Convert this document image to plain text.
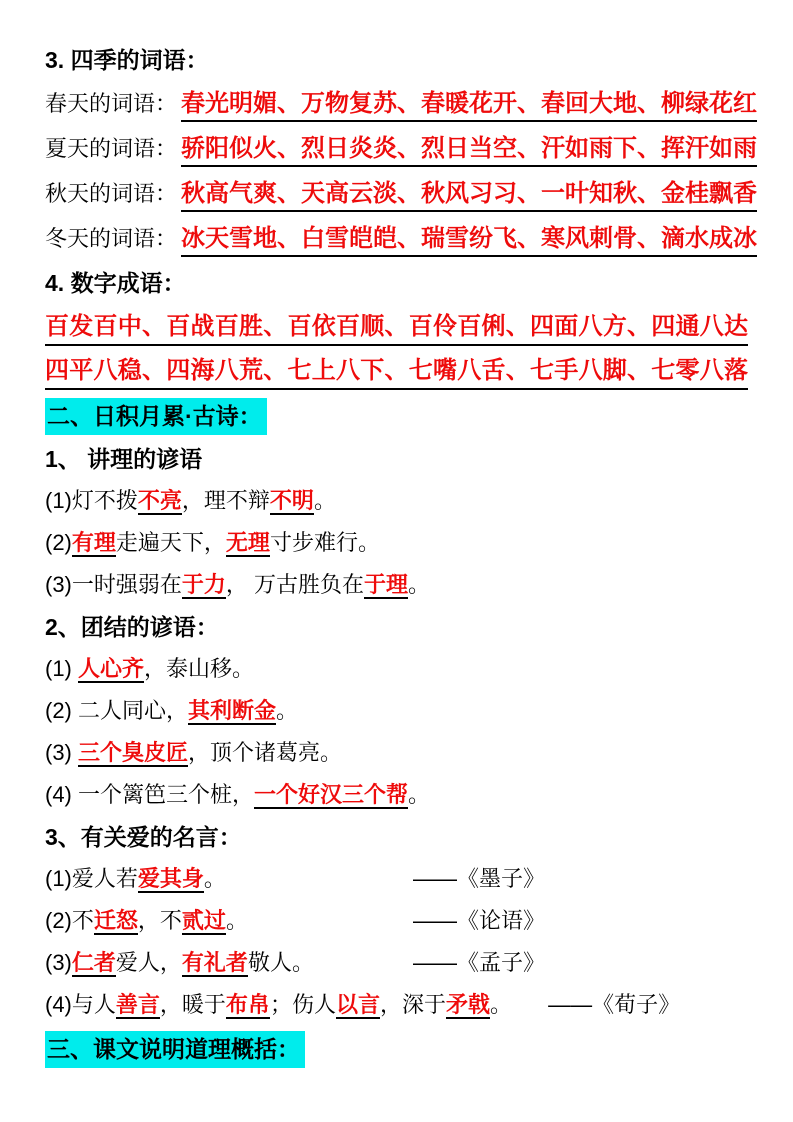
3. 四季的词语：
春天的词语： 春光明媚、万物复苏、春暖花开、春回大地、柳绿花红
夏天的词语： 骄阳似火、烈日炎炎、烈日当空、汗如雨下、挥汗如雨
秋天的词语： 秋高气爽、天高云淡、秋风习习、一叶知秋、金桂飘香
冬天的词语： 冰天雪地、白雪皑皑、瑞雪纷飞、寒风刺骨、滴水成冰
4. 数字成语：
百发百中、百战百胜、百依百顺、百伶百俐、四面八方、四通八达
四平八稳、四海八荒、七上八下、七嘴八舌、七手八脚、七零八落
二、日积月累·古诗：
1、 讲理的谚语
(1)灯不拨不亮，理不辩不明。
(2)有理走遍天下，无理寸步难行。
(3)一时强弱在于力， 万古胜负在于理。
2、团结的谚语：
(1) 人心齐，泰山移。
(2) 二人同心，其利断金。
(3) 三个臭皮匠，顶个诸葛亮。
(4) 一个篱笆三个桩，一个好汉三个帮。
3、有关爱的名言：
(1)爱人若爱其身。	——《墨子》
(2)不迁怒，不贰过。	——《论语》
(3)仁者爱人，有礼者敬人。	——《孟子》
(4)与人善言，暖于布帛；伤人以言，深于矛戟。 ——《荀子》
三、课文说明道理概括：
